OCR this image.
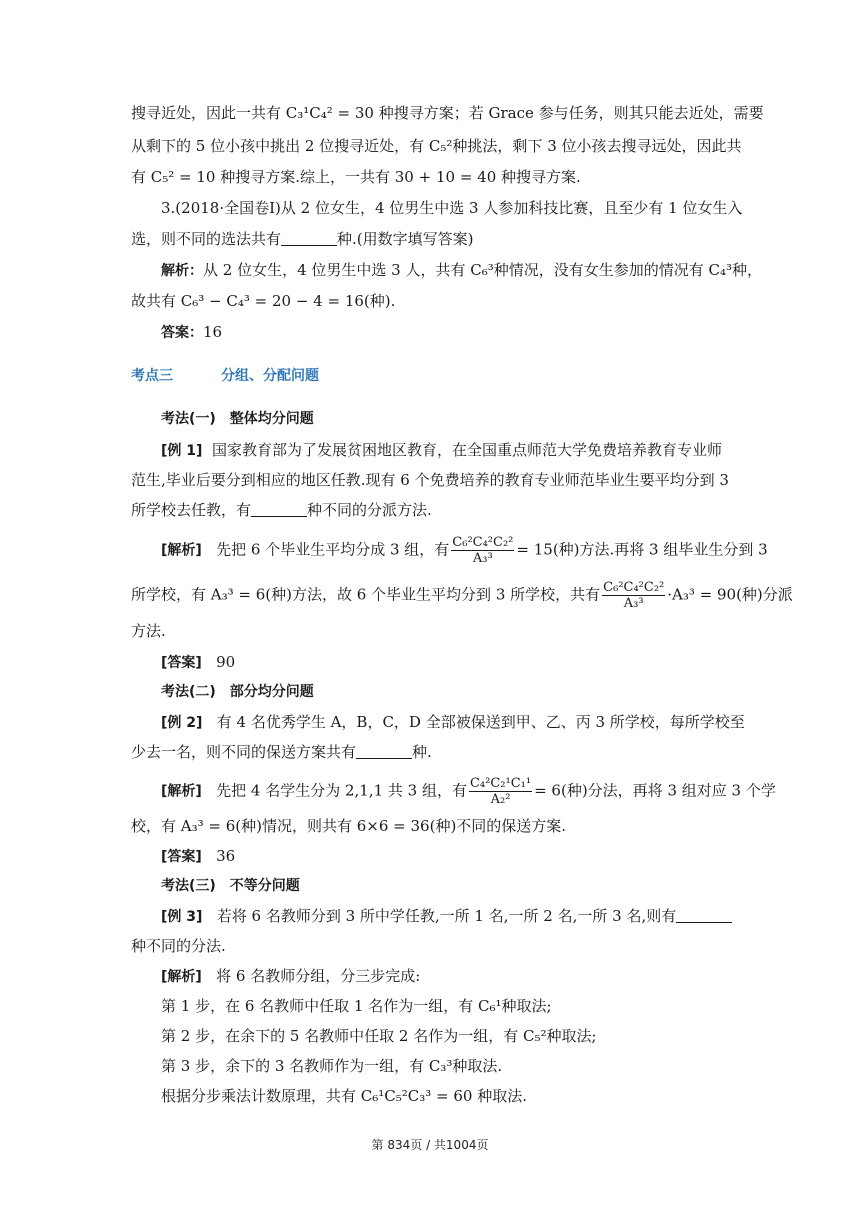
搜寻近处，因此一共有 C₃¹C₄² = 30 种搜寻方案；若 Grace 参与任务，则其只能去近处，需要
从剩下的 5 位小孩中挑出 2 位搜寻近处，有 C₅²种挑法，剩下 3 位小孩去搜寻远处，因此共
有 C₅² = 10 种搜寻方案.综上，一共有 30 + 10 = 40 种搜寻方案.
3.(2018·全国卷Ⅰ)从 2 位女生，4 位男生中选 3 人参加科技比赛，且至少有 1 位女生入
选，则不同的选法共有	种.(用数字填写答案)
解析：从 2 位女生，4 位男生中选 3 人，共有 C₆³种情况，没有女生参加的情况有 C₄³种，
故共有 C₆³ − C₄³ = 20 − 4 = 16(种).
答案：16
考点三	分组、分配问题
考法(一)　整体均分问题
[例 1] 国家教育部为了发展贫困地区教育，在全国重点师范大学免费培养教育专业师
范生,毕业后要分到相应的地区任教.现有 6 个免费培养的教育专业师范毕业生要平均分到 3
所学校去任教，有	种不同的分派方法.
[解析] 先把 6 个毕业生平均分成 3 组，有 $\frac{\text{C₆²C₄²C₂²}}{\text{A₃³}} = 15$(种)方法.再将 3 组毕业生分到 3
所学校，有 A₃³ = 6(种)方法，故 6 个毕业生平均分到 3 所学校，共有 $\frac{\text{C₆²C₄²C₂²}}{\text{A₃³}} \cdot A_3^3 = 90$(种)分派
方法.
[答案] 90
考法(二)　部分均分问题
[例 2] 有 4 名优秀学生 A，B，C，D 全部被保送到甲、乙、丙 3 所学校，每所学校至
少去一名，则不同的保送方案共有	种.
[解析] 先把 4 名学生分为 2,1,1 共 3 组，有 $\frac{\text{C₄²C₂¹C₁¹}}{\text{A₂²}} = 6$(种)分法，再将 3 组对应 3 个学
校，有 A₃³ = 6(种)情况，则共有 6×6 = 36(种)不同的保送方案.
[答案] 36
考法(三)　不等分问题
[例 3] 若将 6 名教师分到 3 所中学任教,一所 1 名,一所 2 名,一所 3 名,则有
种不同的分法.
[解析] 将 6 名教师分组，分三步完成:
第 1 步，在 6 名教师中任取 1 名作为一组，有 C₆¹种取法;
第 2 步，在余下的 5 名教师中任取 2 名作为一组，有 C₅²种取法;
第 3 步，余下的 3 名教师作为一组，有 C₃³种取法.
根据分步乘法计数原理，共有 C₆¹C₅²C₃³ = 60 种取法.
第 834页 / 共1004页
